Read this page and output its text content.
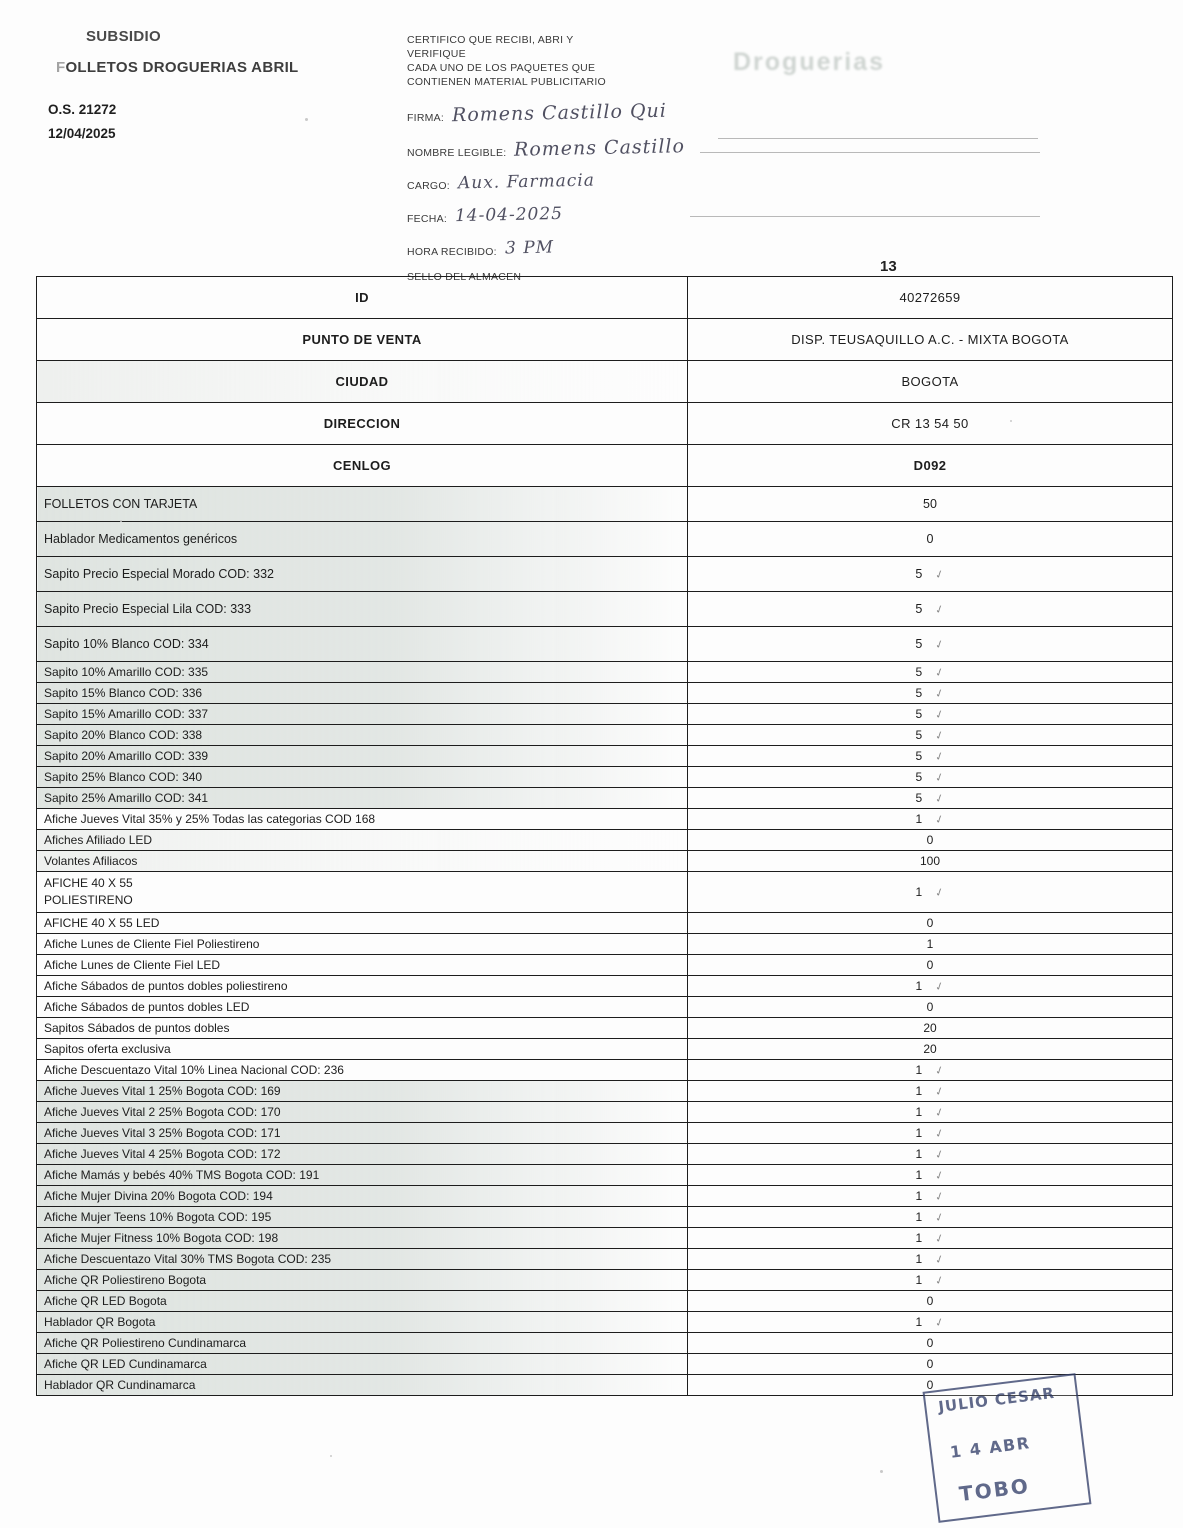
SUBSIDIO
FOLLETOS DROGUERIAS ABRIL
O.S. 21272
12/04/2025
CERTIFICO QUE RECIBI, ABRI Y
VERIFIQUE
CADA UNO DE LOS PAQUETES QUE
CONTIENEN MATERIAL PUBLICITARIO
FIRMA: Romens Castillo Qui
NOMBRE LEGIBLE: Romens Castillo
CARGO: Aux. Farmacia
FECHA: 14-04-2025
HORA RECIBIDO: 3 PM
SELLO DEL ALMACEN
Droguerias
13
ID	40272659
PUNTO DE VENTA	DISP. TEUSAQUILLO A.C. - MIXTA BOGOTA
CIUDAD	BOGOTA
DIRECCION	CR 13 54 50
CENLOG	D092
FOLLETOS CON TARJETA	50
Hablador Medicamentos genéricos	0
Sapito Precio Especial Morado COD: 332	5 ✓
Sapito Precio Especial Lila COD: 333	5 ✓
Sapito 10% Blanco COD: 334	5 ✓
Sapito 10% Amarillo COD: 335	5 ✓
Sapito 15% Blanco COD: 336	5 ✓
Sapito 15% Amarillo COD: 337	5 ✓
Sapito 20% Blanco COD: 338	5 ✓
Sapito 20% Amarillo COD: 339	5 ✓
Sapito 25% Blanco COD: 340	5 ✓
Sapito 25% Amarillo COD: 341	5 ✓
Afiche Jueves Vital 35% y 25% Todas las categorias COD 168	1 ✓
Afiches Afiliado LED	0
Volantes Afiliacos	100

AFICHE 40 X 55
POLIESTIRENO	1 ✓
AFICHE 40 X 55 LED	0
Afiche Lunes de Cliente Fiel Poliestireno	1
Afiche Lunes de Cliente Fiel LED	0
Afiche Sábados de puntos dobles poliestireno	1 ✓
Afiche Sábados de puntos dobles LED	0
Sapitos Sábados de puntos dobles	20
Sapitos oferta exclusiva	20
Afiche Descuentazo Vital 10% Linea Nacional COD: 236	1 ✓
Afiche Jueves Vital 1 25% Bogota COD: 169	1 ✓
Afiche Jueves Vital 2 25% Bogota COD: 170	1 ✓
Afiche Jueves Vital 3 25% Bogota COD: 171	1 ✓
Afiche Jueves Vital 4 25% Bogota COD: 172	1 ✓
Afiche Mamás y bebés 40% TMS Bogota COD: 191	1 ✓
Afiche Mujer Divina 20% Bogota COD: 194	1 ✓
Afiche Mujer Teens 10% Bogota COD: 195	1 ✓
Afiche Mujer Fitness 10% Bogota COD: 198	1 ✓
Afiche Descuentazo Vital 30% TMS Bogota COD: 235	1 ✓
Afiche QR Poliestireno Bogota	1 ✓
Afiche QR LED Bogota	0
Hablador QR Bogota	1 ✓
Afiche QR Poliestireno Cundinamarca	0
Afiche QR LED Cundinamarca	0
Hablador QR Cundinamarca	0 JULIO CESAR
1 4 ABR
TOBO
